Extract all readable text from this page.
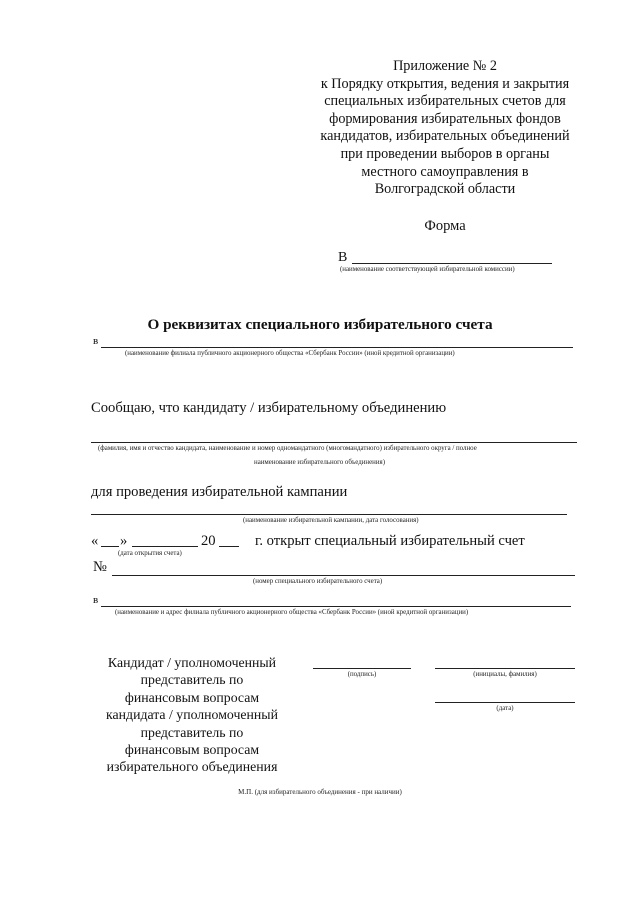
Приложение № 2
к Порядку открытия, ведения и закрытия
специальных избирательных счетов для
формирования избирательных фондов
кандидатов, избирательных объединений
при проведении выборов в органы
местного самоуправления в
Волгоградской области
Форма
В
(наименование соответствующей избирательной комиссии)
О реквизитах специального избирательного счета
в
(наименование филиала публичного акционерного общества «Сбербанк России» (иной кредитной организации)
Сообщаю, что кандидату / избирательному объединению
(фамилия, имя и отчество кандидата, наименование и номер одномандатного (многомандатного) избирательного округа / полное
наименование избирательного объединения)
для проведения избирательной кампании
(наименование избирательной кампании, дата голосования)
« »	20	г. открыт специальный избирательный счет
(дата открытия счета)
№
(номер специального избирательного счета)
в
(наименование и адрес филиала публичного акционерного общества «Сбербанк России» (иной кредитной организации)
Кандидат / уполномоченный
представитель по
финансовым вопросам
кандидата / уполномоченный
представитель по
финансовым вопросам
избирательного объединения
(подпись)	(инициалы, фамилия)
(дата)
М.П. (для избирательного объединения - при наличии)
